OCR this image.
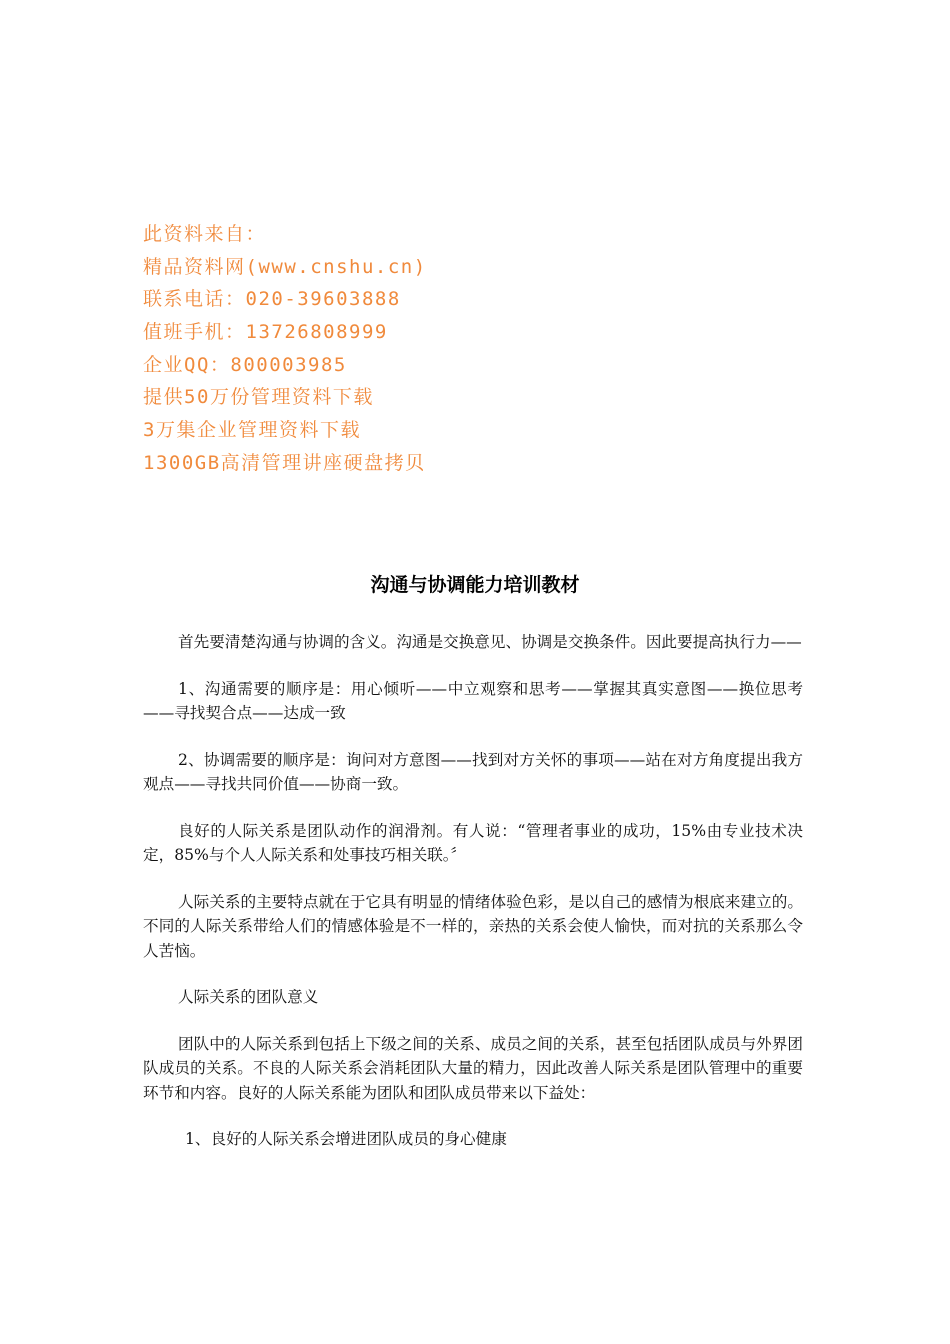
此资料来自：
精品资料网(www.cnshu.cn)
联系电话：020-39603888
值班手机：13726808999
企业QQ：800003985
提供50万份管理资料下载
3万集企业管理资料下载
1300GB高清管理讲座硬盘拷贝
沟通与协调能力培训教材

首先要清楚沟通与协调的含义。沟通是交换意见、协调是交换条件。因此要提高执行力——

1、沟通需要的顺序是：用心倾听——中立观察和思考——掌握其真实意图——换位思考——寻找契合点——达成一致

2、协调需要的顺序是：询问对方意图——找到对方关怀的事项——站在对方角度提出我方观点——寻找共同价值——协商一致。

良好的人际关系是团队动作的润滑剂。有人说：“管理者事业的成功，15%由专业技术决定，85%与个人人际关系和处事技巧相关联。〞

人际关系的主要特点就在于它具有明显的情绪体验色彩，是以自己的感情为根底来建立的。不同的人际关系带给人们的情感体验是不一样的，亲热的关系会使人愉快，而对抗的关系那么令人苦恼。

人际关系的团队意义

团队中的人际关系到包括上下级之间的关系、成员之间的关系，甚至包括团队成员与外界团队成员的关系。不良的人际关系会消耗团队大量的精力，因此改善人际关系是团队管理中的重要环节和内容。良好的人际关系能为团队和团队成员带来以下益处：

1、良好的人际关系会增进团队成员的身心健康
